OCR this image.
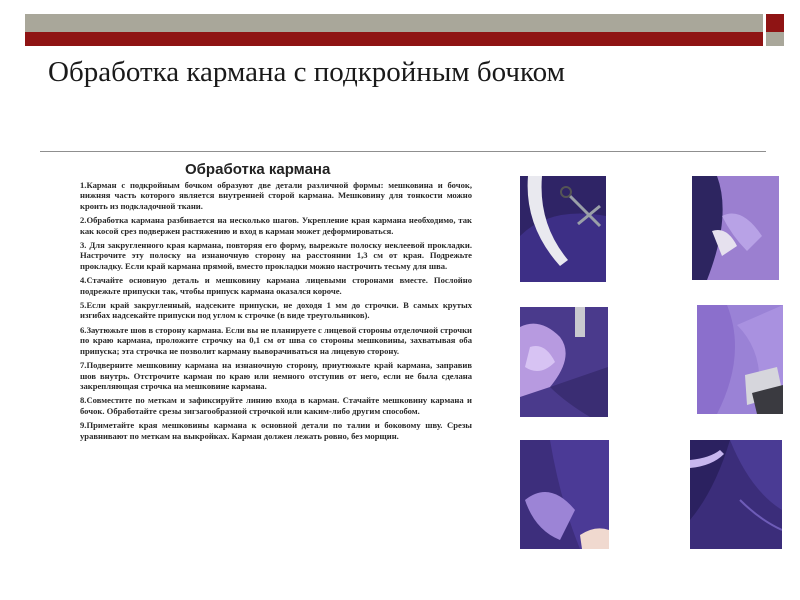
Обработка кармана с подкройным бочком
Обработка кармана

1.Карман с подкройным бочком образуют две детали различной формы: мешковина и бочок, нижняя часть которого является внутренней сторой кармана. Мешковину для тонкости можно кроить из подкладочной ткани.

2.Обработка кармана разбивается на несколько шагов. Укрепление края кармана необходимо, так как косой срез подвержен растяжению и вход в карман может деформироваться.

3. Для закругленного края кармана, повторяя его форму, вырежьте полоску неклеевой прокладки. Настрочите эту полоску на изнаночную сторону на расстоянии 1,3 см от края. Подрежьте прокладку. Если край кармана прямой, вместо прокладки можно настрочить тесьму для шва.

4.Стачайте основную деталь и мешковину кармана лицевыми сторонами вместе. Послойно подрежьте припуски так, чтобы припуск кармана оказался короче.

5.Если край закругленный, надсеките припуски, не доходя 1 мм до строчки. В самых крутых изгибах надсекайте припуски под углом к строчке (в виде треугольников).

6.Заутюжьте шов в сторону кармана. Если вы не планируете с лицевой стороны отделочной строчки по краю кармана, проложите строчку на 0,1 см от шва со стороны мешковины, захватывая оба припуска; эта строчка не позволит карману выворачиваться на лицевую сторону.

7.Подверните мешковину кармана на изнаночную сторону, приутюжьте край кармана, заправив шов внутрь. Отстрочите карман по краю или немного отступив от него, если не была сделана закрепляющая строчка на мешковине кармана.

8.Совместите по меткам и зафиксируйте линию входа в карман. Стачайте мешковину кармана и бочок. Обработайте срезы зигзагообразной строчкой или каким-либо другим способом.

9.Приметайте края мешковины кармана к основной детали по талии и боковому шву. Срезы уравнивают по меткам на выкройках. Карман должен лежать ровно, без морщин.
